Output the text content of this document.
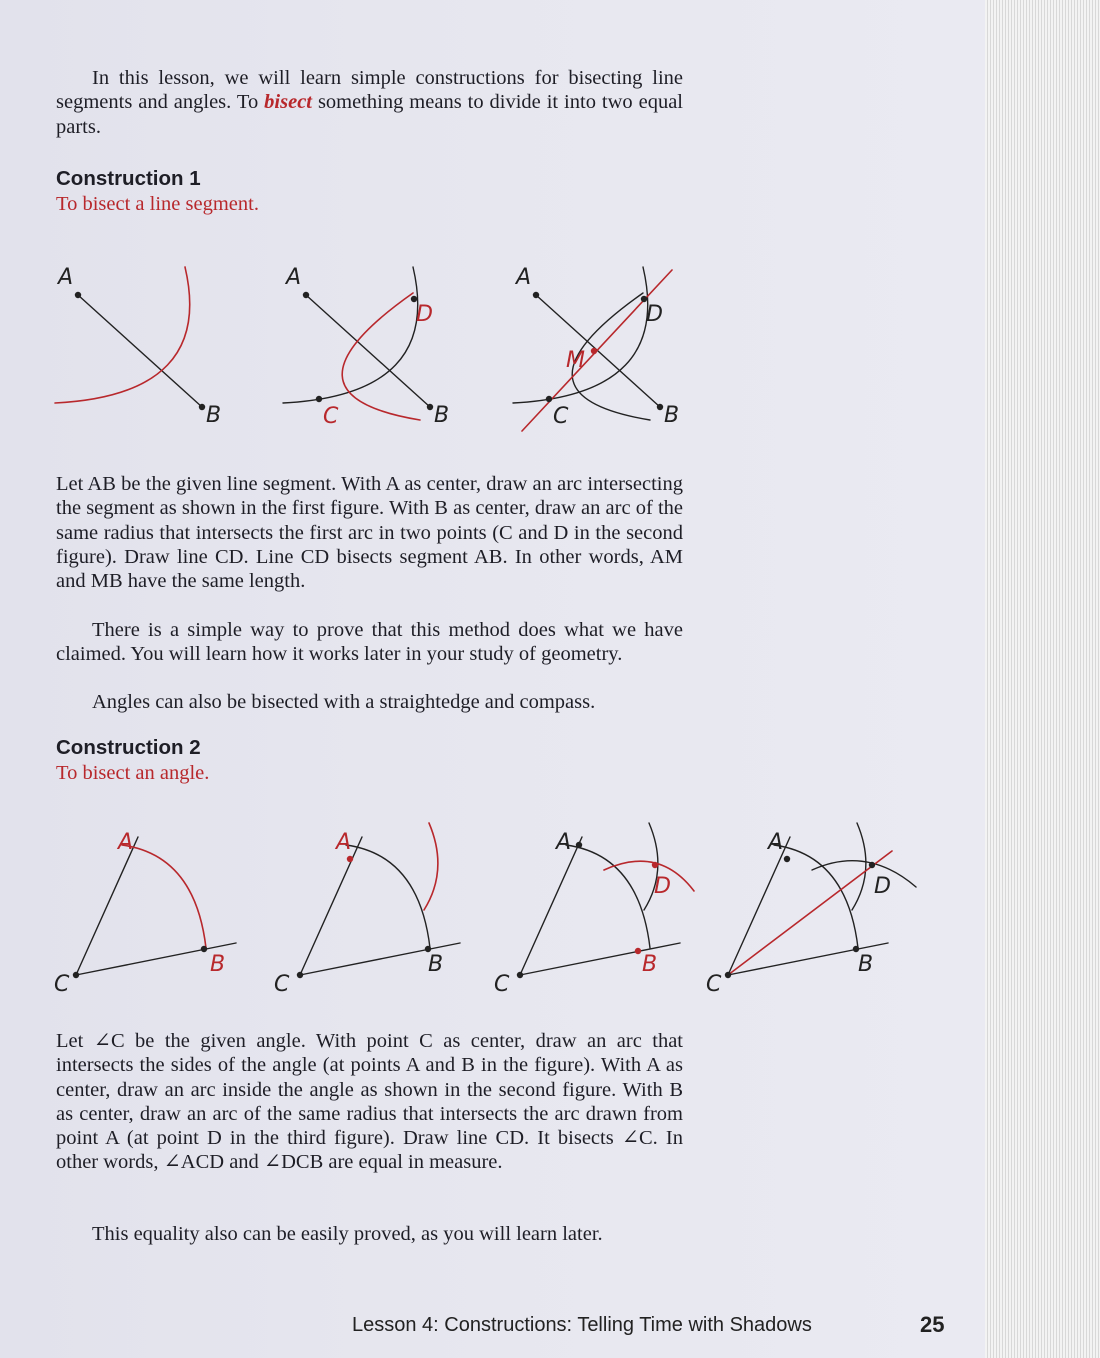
In this lesson, we will learn simple constructions for bisecting line segments and angles. To bisect something means to divide it into two equal parts.

Construction 1
To bisect a line segment.
A
B
A
B
C
D
A
B
C
D
M

Let AB be the given line segment. With A as center, draw an arc intersecting the segment as shown in the first figure. With B as center, draw an arc of the same radius that intersects the first arc in two points (C and D in the second figure). Draw line CD. Line CD bisects segment AB. In other words, AM and MB have the same length.

There is a simple way to prove that this method does what we have claimed. You will learn how it works later in your study of geometry.

Angles can also be bisected with a straightedge and compass.

Construction 2
To bisect an angle.
A
B
C
A
B
C
A
B
C
D
A
B
C
D

Let ∠C be the given angle. With point C as center, draw an arc that intersects the sides of the angle (at points A and B in the figure). With A as center, draw an arc inside the angle as shown in the second figure. With B as center, draw an arc of the same radius that intersects the arc drawn from point A (at point D in the third figure). Draw line CD. It bisects ∠C. In other words, ∠ACD and ∠DCB are equal in measure.

This equality also can be easily proved, as you will learn later.

Lesson 4: Constructions: Telling Time with Shadows	25
